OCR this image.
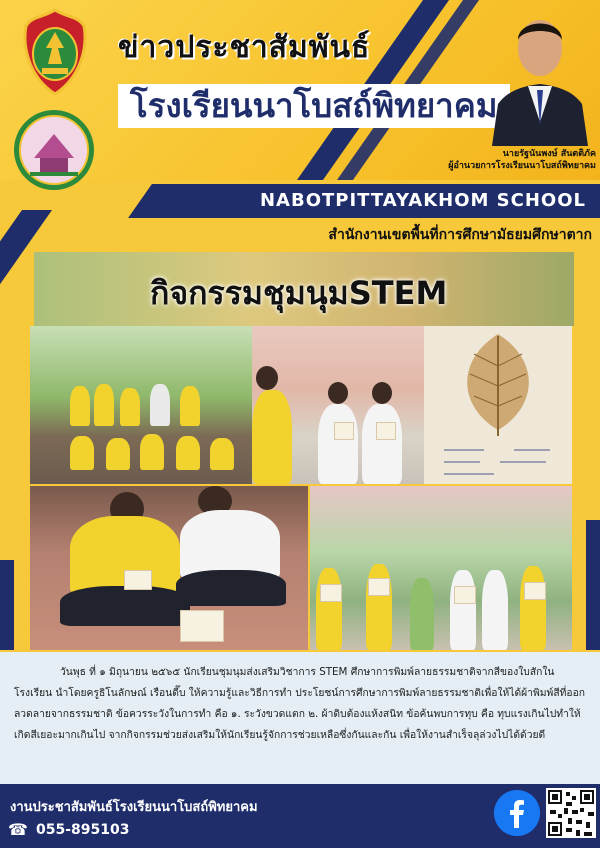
ข่าวประชาสัมพันธ์
โรงเรียนนาโบสถ์พิทยาคม
นายรัฐนันพงษ์ สันตติภัค
ผู้อำนวยการโรงเรียนนาโบสถ์พิทยาคม
NABOTPITTAYAKHOM SCHOOL
สำนักงานเขตพื้นที่การศึกษามัธยมศึกษาตาก
กิจกรรมชุมนุมSTEM
วันพุธ ที่ ๑ มิถุนายน ๒๕๖๕ นักเรียนชุมนุมส่งเสริมวิชาการ STEM ศึกษาการพิมพ์ลายธรรมชาติจากสีของใบสักในโรงเรียน นำโดยครูธิโนลักษณ์ เรือนดี๊บ ให้ความรู้และวิธีการทำ ประโยชน์การศึกษาการพิมพ์ลายธรรมชาติเพื่อให้ได้ผ้าพิมพ์สีที่ออกลวดลายจากธรรมชาติ ข้อควรระวังในการทำ คือ ๑. ระวังขวดแตก ๒. ผ้าดิบต้องแห้งสนิท ข้อค้นพบการทุบ คือ ทุบแรงเกินไปทำให้เกิดสีเยอะมากเกินไป จากกิจกรรมช่วยส่งเสริมให้นักเรียนรู้จักการช่วยเหลือซึ่งกันและกัน เพื่อให้งานสำเร็จลุล่วงไปได้ด้วยดี
งานประชาสัมพันธ์โรงเรียนนาโบสถ์พิทยาคม
☎ 055-895103
